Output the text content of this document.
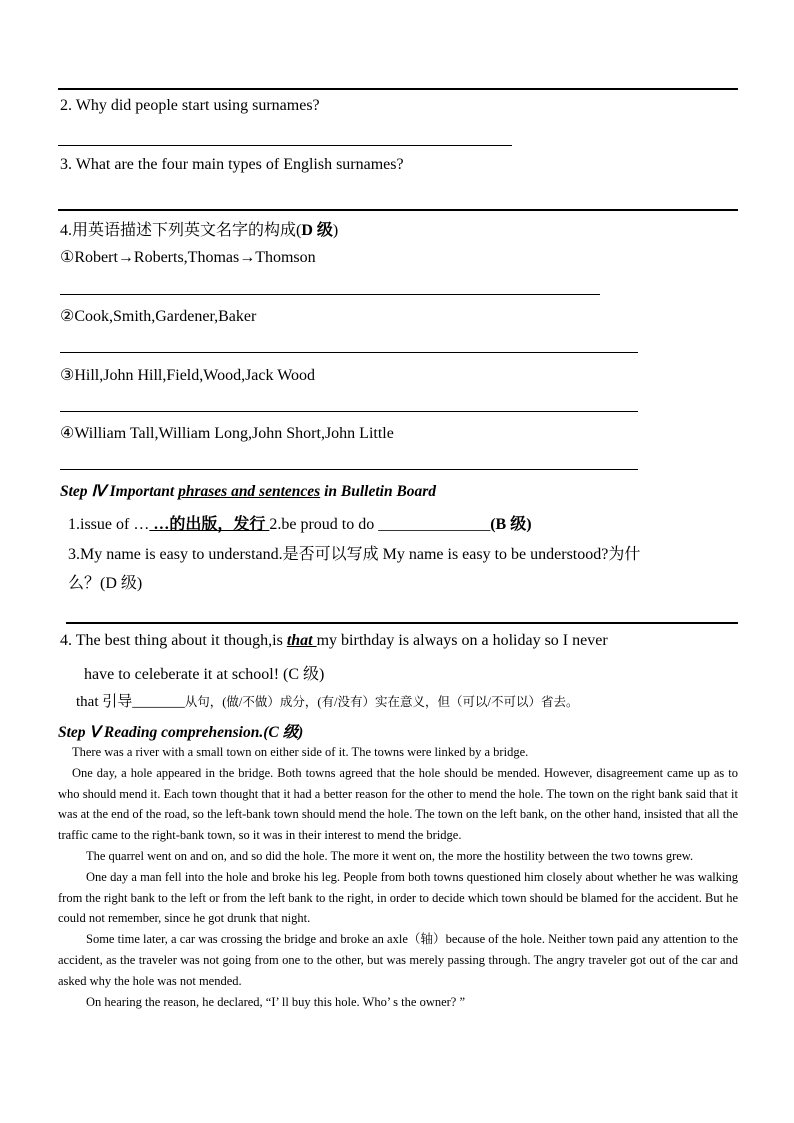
2. Why did people start using surnames?
3. What are the four main types of English surnames?
4.用英语描述下列英文名字的构成(D 级)
①Robert→Roberts,Thomas→Thomson
②Cook,Smith,Gardener,Baker
③Hill,John Hill,Field,Wood,Jack Wood
④William Tall,William Long,John Short,John Little
Step Ⅳ Important phrases and sentences in Bulletin Board
1.issue of … …的出版，发行 2.be proud to do ______________(B 级)
3.My name is easy to understand.是否可以写成 My name is easy to be understood?为什
么？(D 级)
4. The best thing about it though,is that my birthday is always on a holiday so I never
have to celeberate it at school! (C 级)
that 引导_______从句，(做/不做）成分，(有/没有）实在意义，但（可以/不可以）省去。
Step Ⅴ Reading comprehension.(C 级)

There was a river with a small town on either side of it. The towns were linked by a bridge.

One day, a hole appeared in the bridge. Both towns agreed that the hole should be mended. However, disagreement came up as to who should mend it. Each town thought that it had a better reason for the other to mend the hole. The town on the right bank said that it was at the end of the road, so the left-bank town should mend the hole. The town on the left bank, on the other hand, insisted that all the traffic came to the right-bank town, so it was in their interest to mend the bridge.

The quarrel went on and on, and so did the hole. The more it went on, the more the hostility between the two towns grew.

One day a man fell into the hole and broke his leg. People from both towns questioned him closely about whether he was walking from the right bank to the left or from the left bank to the right, in order to decide which town should be blamed for the accident. But he could not remember, since he got drunk that night.

Some time later, a car was crossing the bridge and broke an axle（轴）because of the hole. Neither town paid any attention to the accident, as the traveler was not going from one to the other, but was merely passing through. The angry traveler got out of the car and asked why the hole was not mended.

On hearing the reason, he declared, “I’ ll buy this hole. Who’ s the owner? ”
